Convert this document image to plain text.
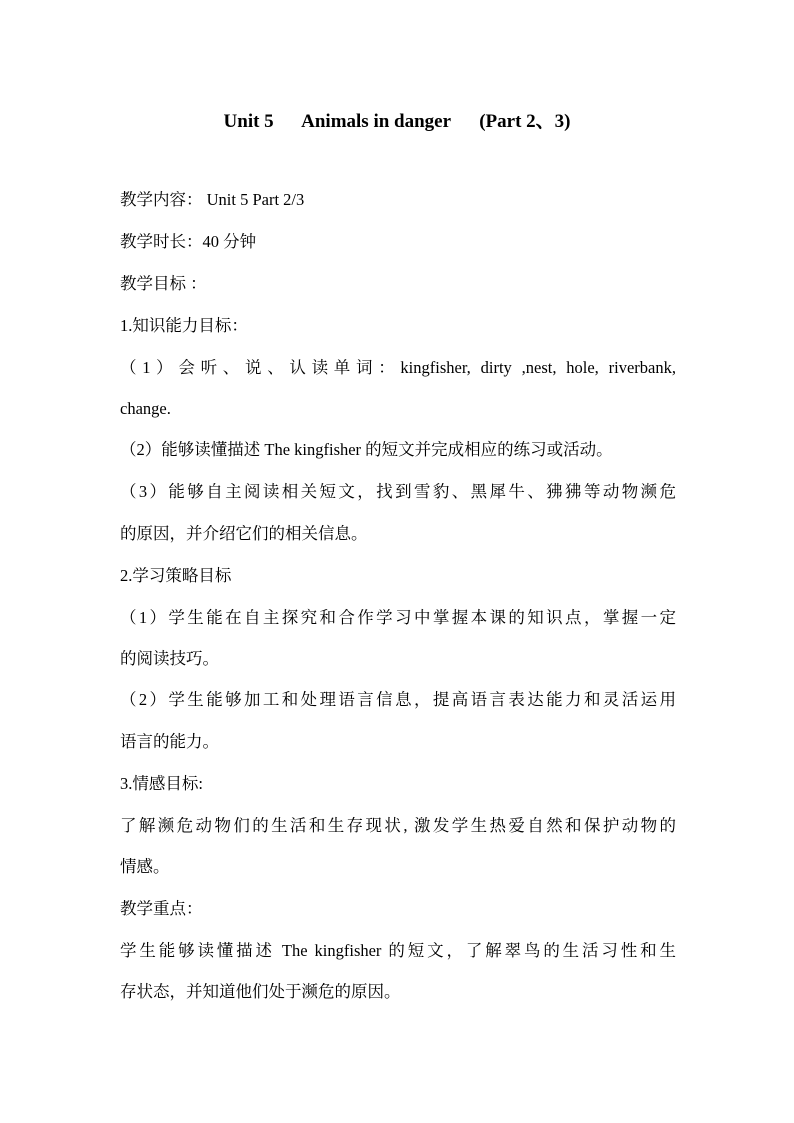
Unit 5      Animals in danger      (Part 2、3)
教学内容： Unit 5 Part 2/3
教学时长：40 分钟
教学目标 ：
1.知识能力目标：
（1）会听、说、认读单词：kingfisher, dirty ,nest, hole, riverbank,
change.
（2）能够读懂描述 The kingfisher 的短文并完成相应的练习或活动。
（3）能够自主阅读相关短文，找到雪豹、黑犀牛、狒狒等动物濒危
的原因，并介绍它们的相关信息。
2.学习策略目标
（1）学生能在自主探究和合作学习中掌握本课的知识点，掌握一定
的阅读技巧。
（2）学生能够加工和处理语言信息，提高语言表达能力和灵活运用
语言的能力。
3.情感目标:
了解濒危动物们的生活和生存现状, 激发学生热爱自然和保护动物的
情感。
教学重点：
学生能够读懂描述 The kingfisher 的短文，了解翠鸟的生活习性和生
存状态，并知道他们处于濒危的原因。
